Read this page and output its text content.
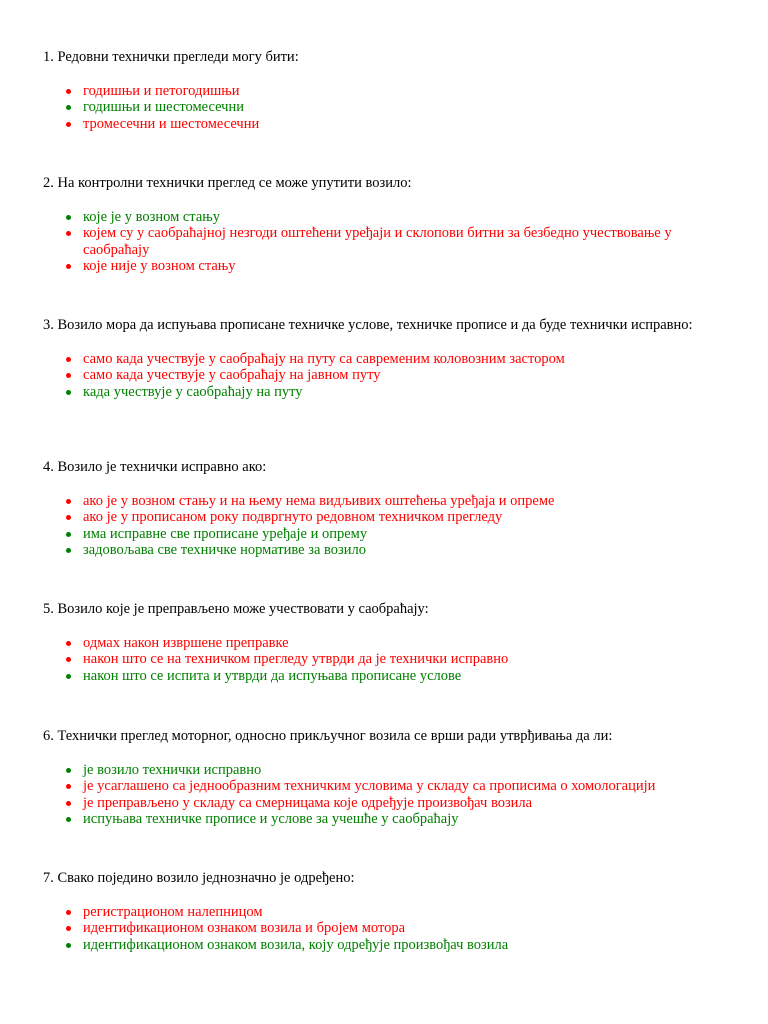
1. Редовни технички прегледи могу бити:

годишњи и петогодишњи
годишњи и шестомесечни
тромесечни и шестомесечни

2. На контролни технички преглед се може упутити возило:

које је у возном стању
којем су у саобраћајној незгоди оштећени уређаји и склопови битни за безбедно учествовање у саобраћају
које није у возном стању

3. Возило мора да испуњава прописане техничке услове, техничке прописе и да буде технички исправно:

само када учествује у саобраћају на путу са савременим коловозним застором
само када учествује у саобраћају на јавном путу
када учествује у саобраћају на путу

4. Возило је технички исправно ако:

ако је у возном стању и на њему нема видљивих оштећења уређаја и опреме
ако је у прописаном року подвргнуто редовном техничком прегледу
има исправне све прописане уређаје и опрему
задовољава све техничке нормативе за возило

5. Возило које је преправљено може учествовати у саобраћају:

одмах након извршене преправке
након што се на техничком прегледу утврди да је технички исправно
након што се испита и утврди да испуњава прописане услове

6. Технички преглед моторног, односно прикључног возила се врши ради утврђивања да ли:

је возило технички исправно
је усаглашено са једнообразним техничким условима у складу са прописима о хомологацији
је преправљено у складу са смерницама које одређује произвођач возила
испуњава техничке прописе и услове за учешће у саобраћају

7. Свако поједино возило једнозначно је одређено:

регистрационом налепницом
идентификационом ознаком возила и бројем мотора
идентификационом ознаком возила, коју одређује произвођач возила
